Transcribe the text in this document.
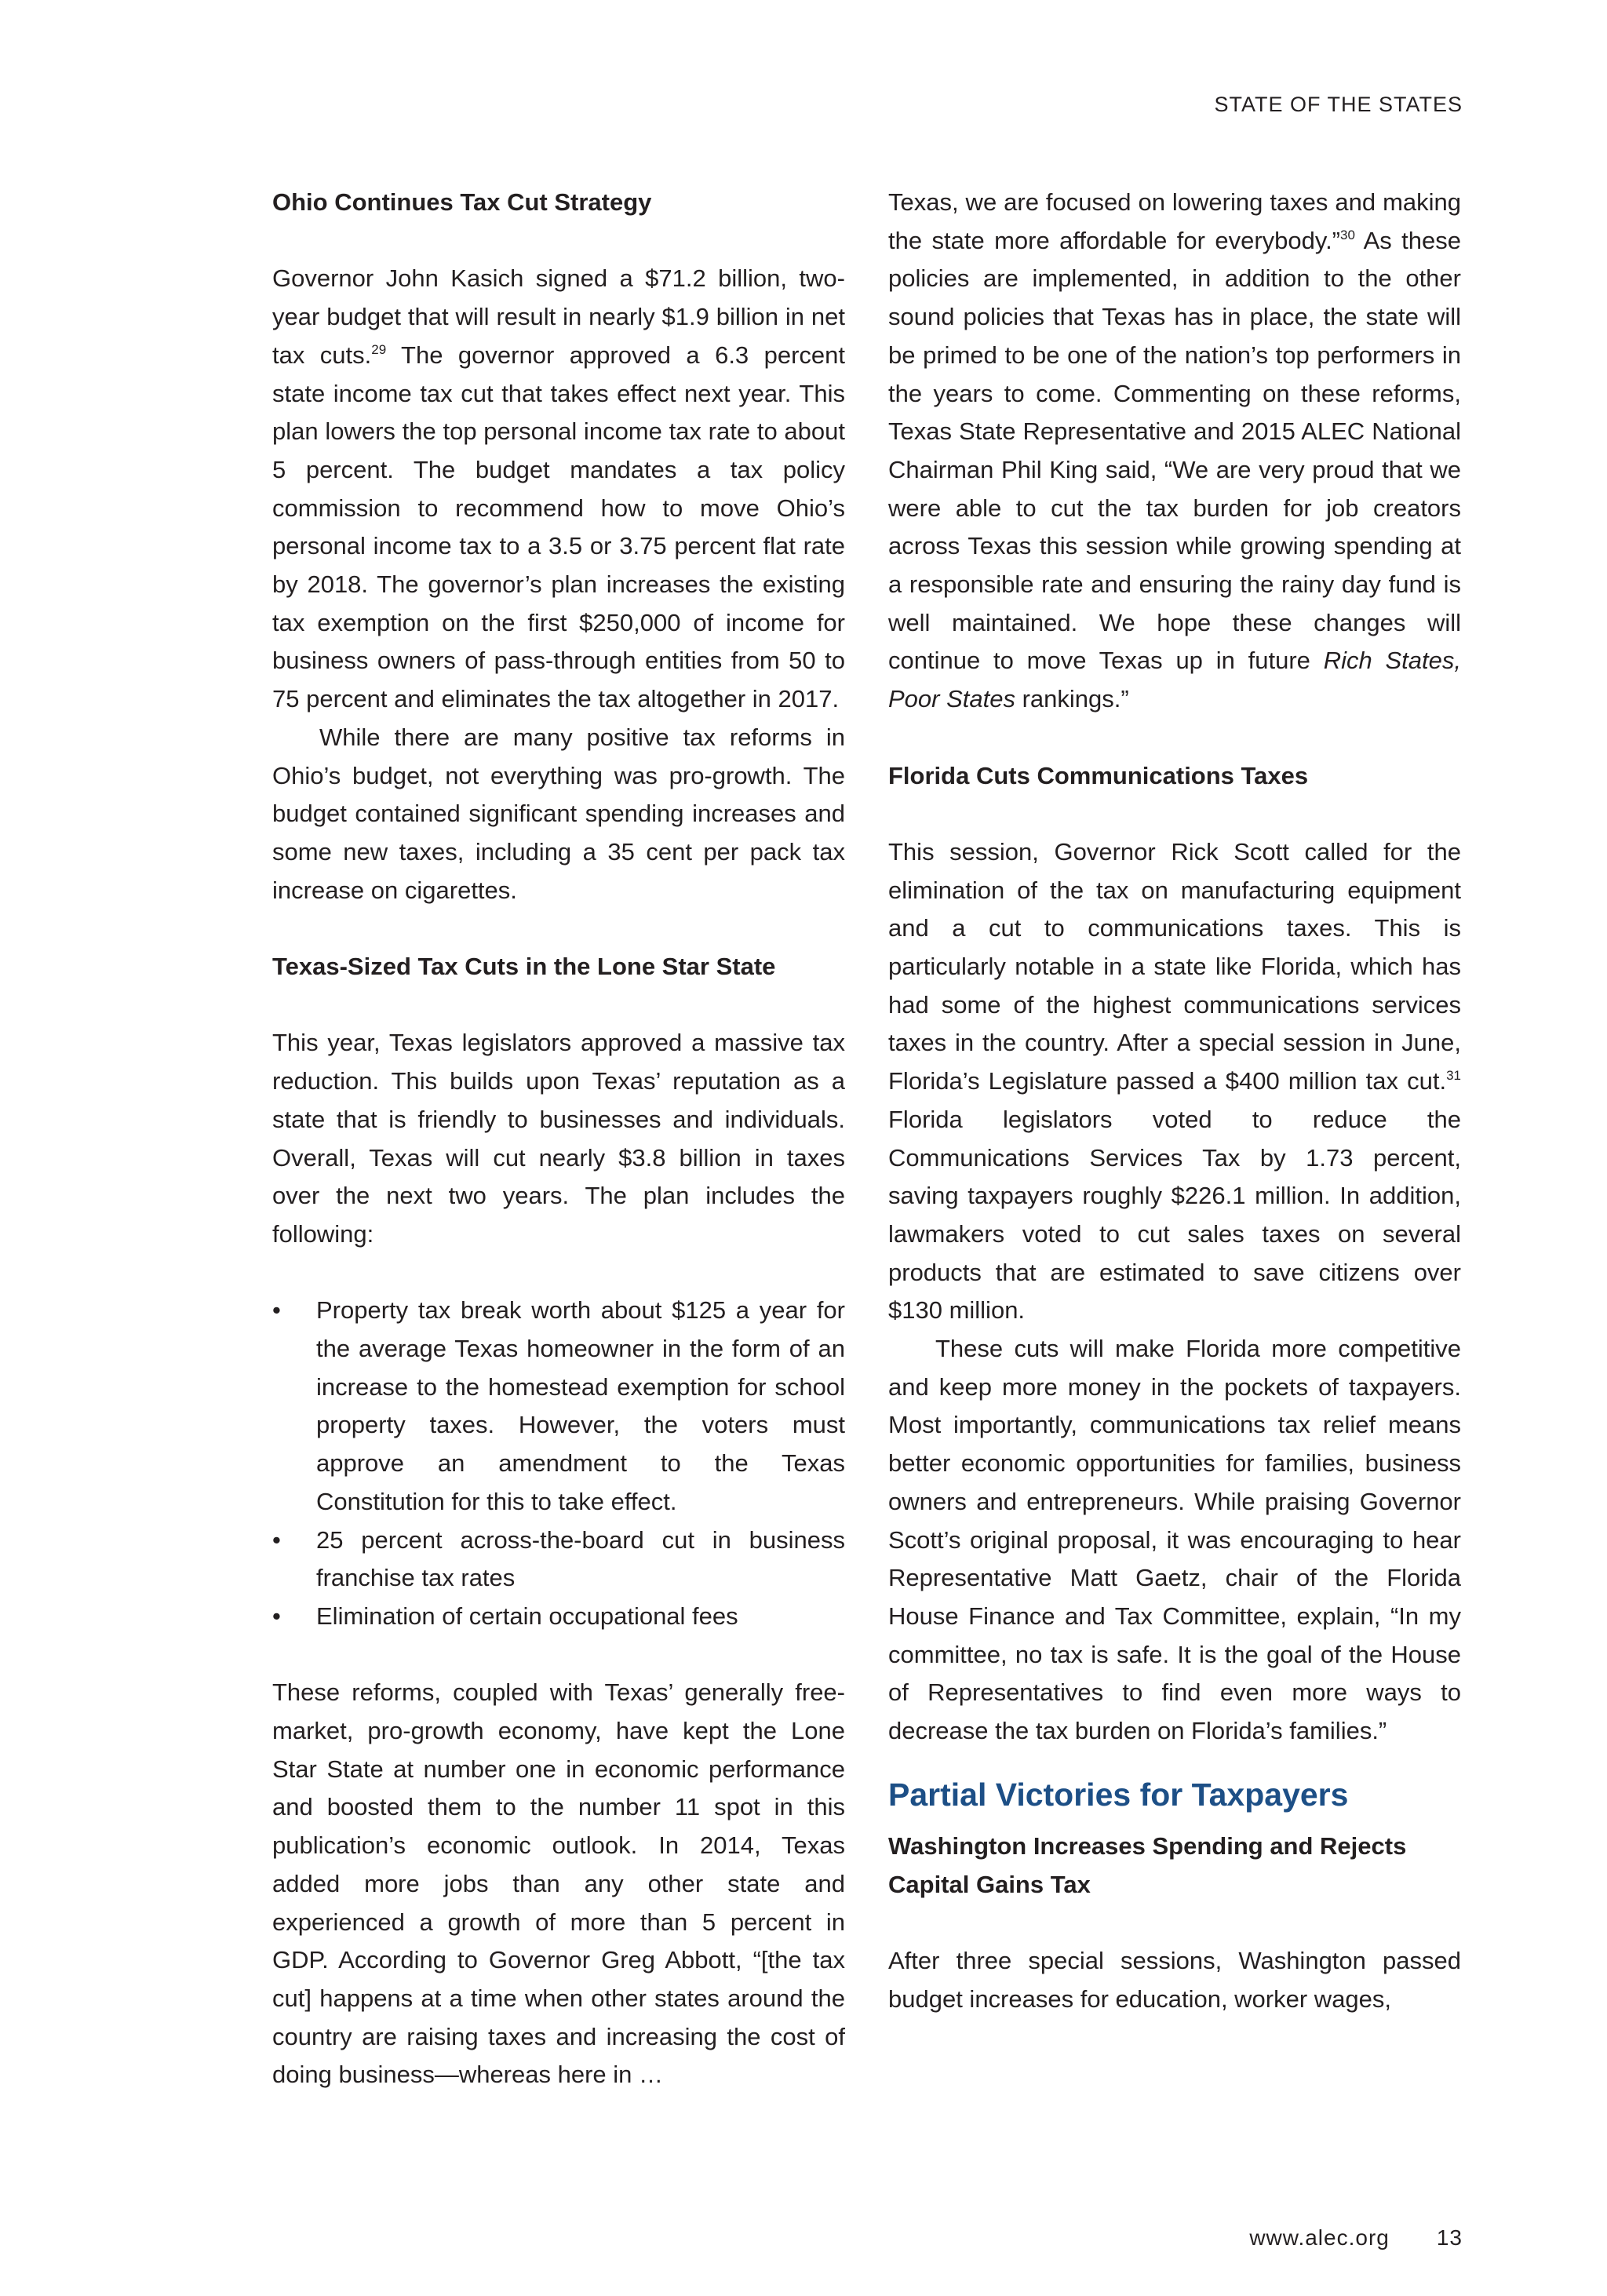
STATE OF THE STATES

Ohio Continues Tax Cut Strategy

Governor John Kasich signed a $71.2 billion, two-year budget that will result in nearly $1.9 billion in net tax cuts.$^{29}$ The governor approved a 6.3 percent state income tax cut that takes effect next year. This plan lowers the top personal income tax rate to about 5 percent. The budget mandates a tax policy commission to recommend how to move Ohio’s personal income tax to a 3.5 or 3.75 percent flat rate by 2018. The governor’s plan increases the existing tax exemption on the first $250,000 of income for business owners of pass-through entities from 50 to 75 percent and eliminates the tax altogether in 2017.

While there are many positive tax reforms in Ohio’s budget, not everything was pro-growth. The budget contained significant spending increases and some new taxes, including a 35 cent per pack tax increase on cigarettes.

Texas-Sized Tax Cuts in the Lone Star State

This year, Texas legislators approved a massive tax reduction. This builds upon Texas’ reputation as a state that is friendly to businesses and individuals. Overall, Texas will cut nearly $3.8 billion in taxes over the next two years. The plan includes the following:

• Property tax break worth about $125 a year for the average Texas homeowner in the form of an increase to the homestead exemption for school property taxes. However, the voters must approve an amendment to the Texas Constitution for this to take effect.
• 25 percent across-the-board cut in business franchise tax rates
• Elimination of certain occupational fees

These reforms, coupled with Texas’ generally free-market, pro-growth economy, have kept the Lone Star State at number one in economic performance and boosted them to the number 11 spot in this publication’s economic outlook. In 2014, Texas added more jobs than any other state and experienced a growth of more than 5 percent in GDP. According to Governor Greg Abbott, “[the tax cut] happens at a time when other states around the country are raising taxes and increasing the cost of doing business—whereas here in …

Texas, we are focused on lowering taxes and making the state more affordable for everybody.”$^{30}$ As these policies are implemented, in addition to the other sound policies that Texas has in place, the state will be primed to be one of the nation’s top performers in the years to come. Commenting on these reforms, Texas State Representative and 2015 ALEC National Chairman Phil King said, “We are very proud that we were able to cut the tax burden for job creators across Texas this session while growing spending at a responsible rate and ensuring the rainy day fund is well maintained. We hope these changes will continue to move Texas up in future Rich States, Poor States rankings.”

Florida Cuts Communications Taxes

This session, Governor Rick Scott called for the elimination of the tax on manufacturing equipment and a cut to communications taxes. This is particularly notable in a state like Florida, which has had some of the highest communications services taxes in the country. After a special session in June, Florida’s Legislature passed a $400 million tax cut.$^{31}$ Florida legislators voted to reduce the Communications Services Tax by 1.73 percent, saving taxpayers roughly $226.1 million. In addition, lawmakers voted to cut sales taxes on several products that are estimated to save citizens over $130 million.

These cuts will make Florida more competitive and keep more money in the pockets of taxpayers. Most importantly, communications tax relief means better economic opportunities for families, business owners and entrepreneurs. While praising Governor Scott’s original proposal, it was encouraging to hear Representative Matt Gaetz, chair of the Florida House Finance and Tax Committee, explain, “In my committee, no tax is safe. It is the goal of the House of Representatives to find even more ways to decrease the tax burden on Florida’s families.”

Partial Victories for Taxpayers

Washington Increases Spending and Rejects Capital Gains Tax

After three special sessions, Washington passed budget increases for education, worker wages,

www.alec.org 13
